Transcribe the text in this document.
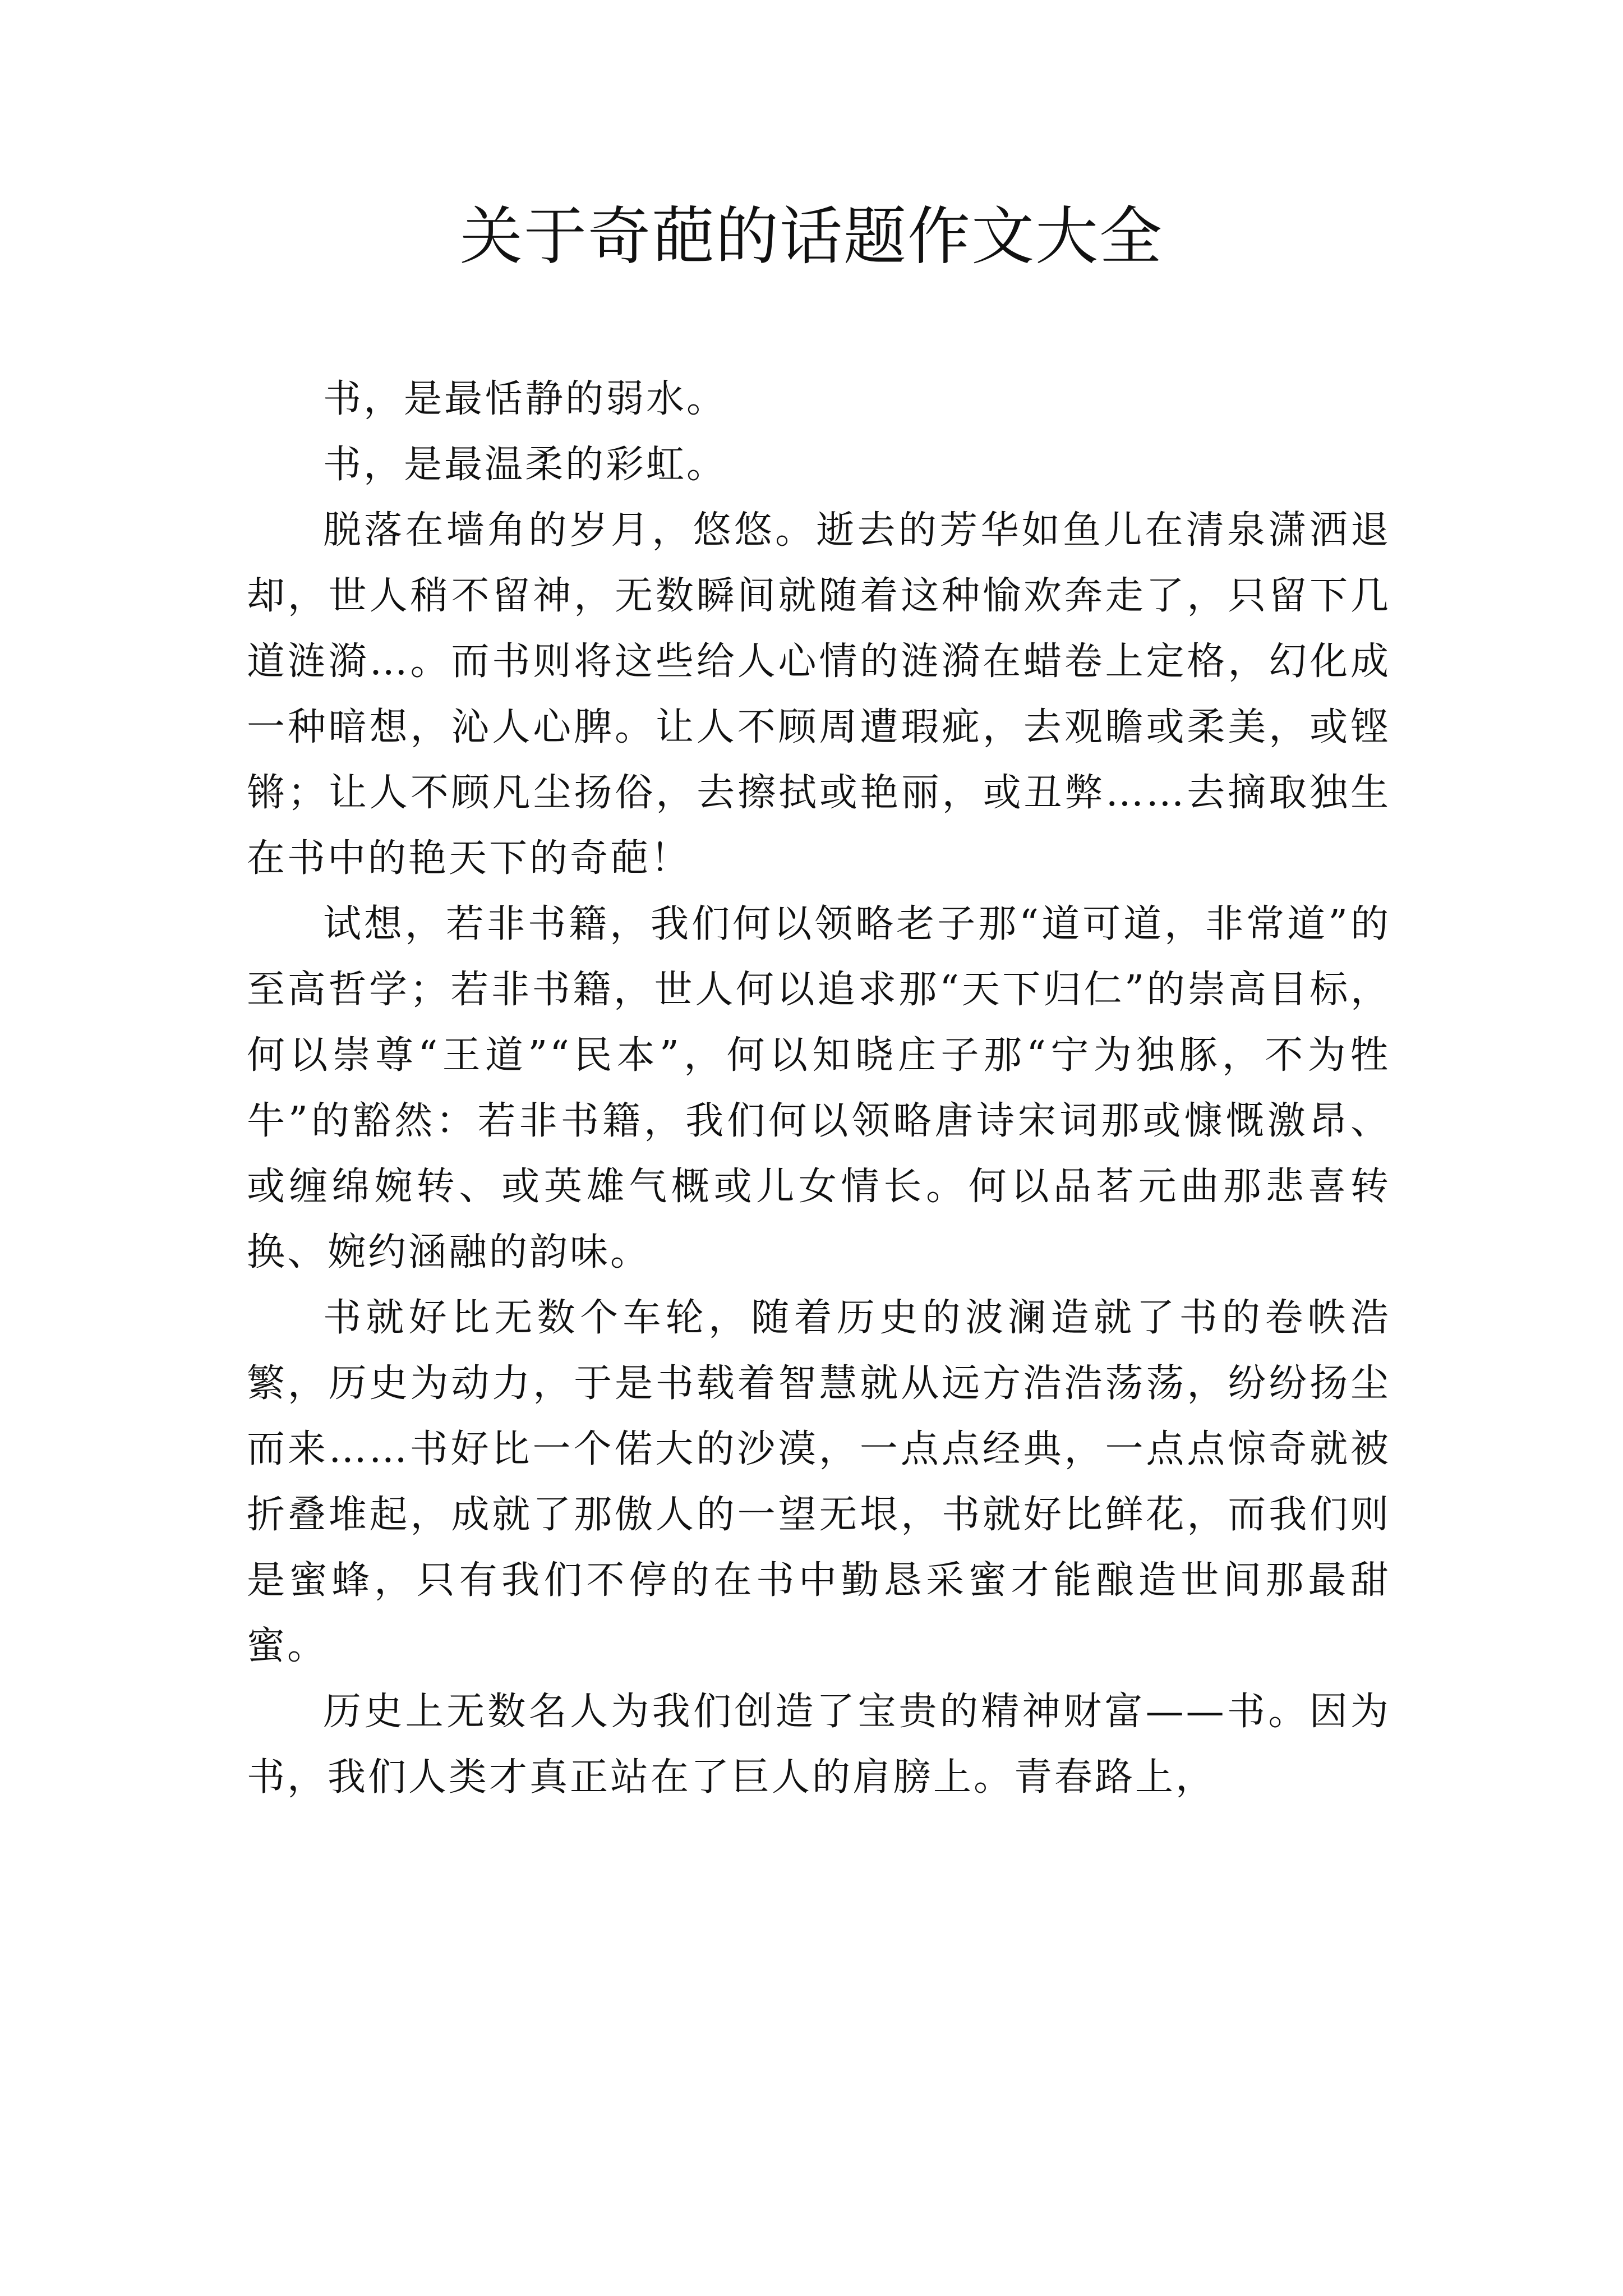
关于奇葩的话题作文大全

书，是最恬静的弱水。

书，是最温柔的彩虹。

脱落在墙角的岁月，悠悠。逝去的芳华如鱼儿在清泉潇洒退却，世人稍不留神，无数瞬间就随着这种愉欢奔走了，只留下几道涟漪…。而书则将这些给人心情的涟漪在蜡卷上定格，幻化成一种暗想，沁人心脾。让人不顾周遭瑕疵，去观瞻或柔美，或铿锵；让人不顾凡尘扬俗，去擦拭或艳丽，或丑弊……去摘取独生在书中的艳天下的奇葩！

试想，若非书籍，我们何以领略老子那“道可道，非常道”的至高哲学；若非书籍，世人何以追求那“天下归仁”的崇高目标，何以崇尊“王道”“民本”，何以知晓庄子那“宁为独豚，不为牲牛”的豁然：若非书籍，我们何以领略唐诗宋词那或慷慨激昂、或缠绵婉转、或英雄气概或儿女情长。何以品茗元曲那悲喜转换、婉约涵融的韵味。

书就好比无数个车轮，随着历史的波澜造就了书的卷帙浩繁，历史为动力，于是书载着智慧就从远方浩浩荡荡，纷纷扬尘而来……书好比一个偌大的沙漠，一点点经典，一点点惊奇就被折叠堆起，成就了那傲人的一望无垠，书就好比鲜花，而我们则是蜜蜂，只有我们不停的在书中勤恳采蜜才能酿造世间那最甜蜜。

历史上无数名人为我们创造了宝贵的精神财富——书。因为书，我们人类才真正站在了巨人的肩膀上。青春路上，
